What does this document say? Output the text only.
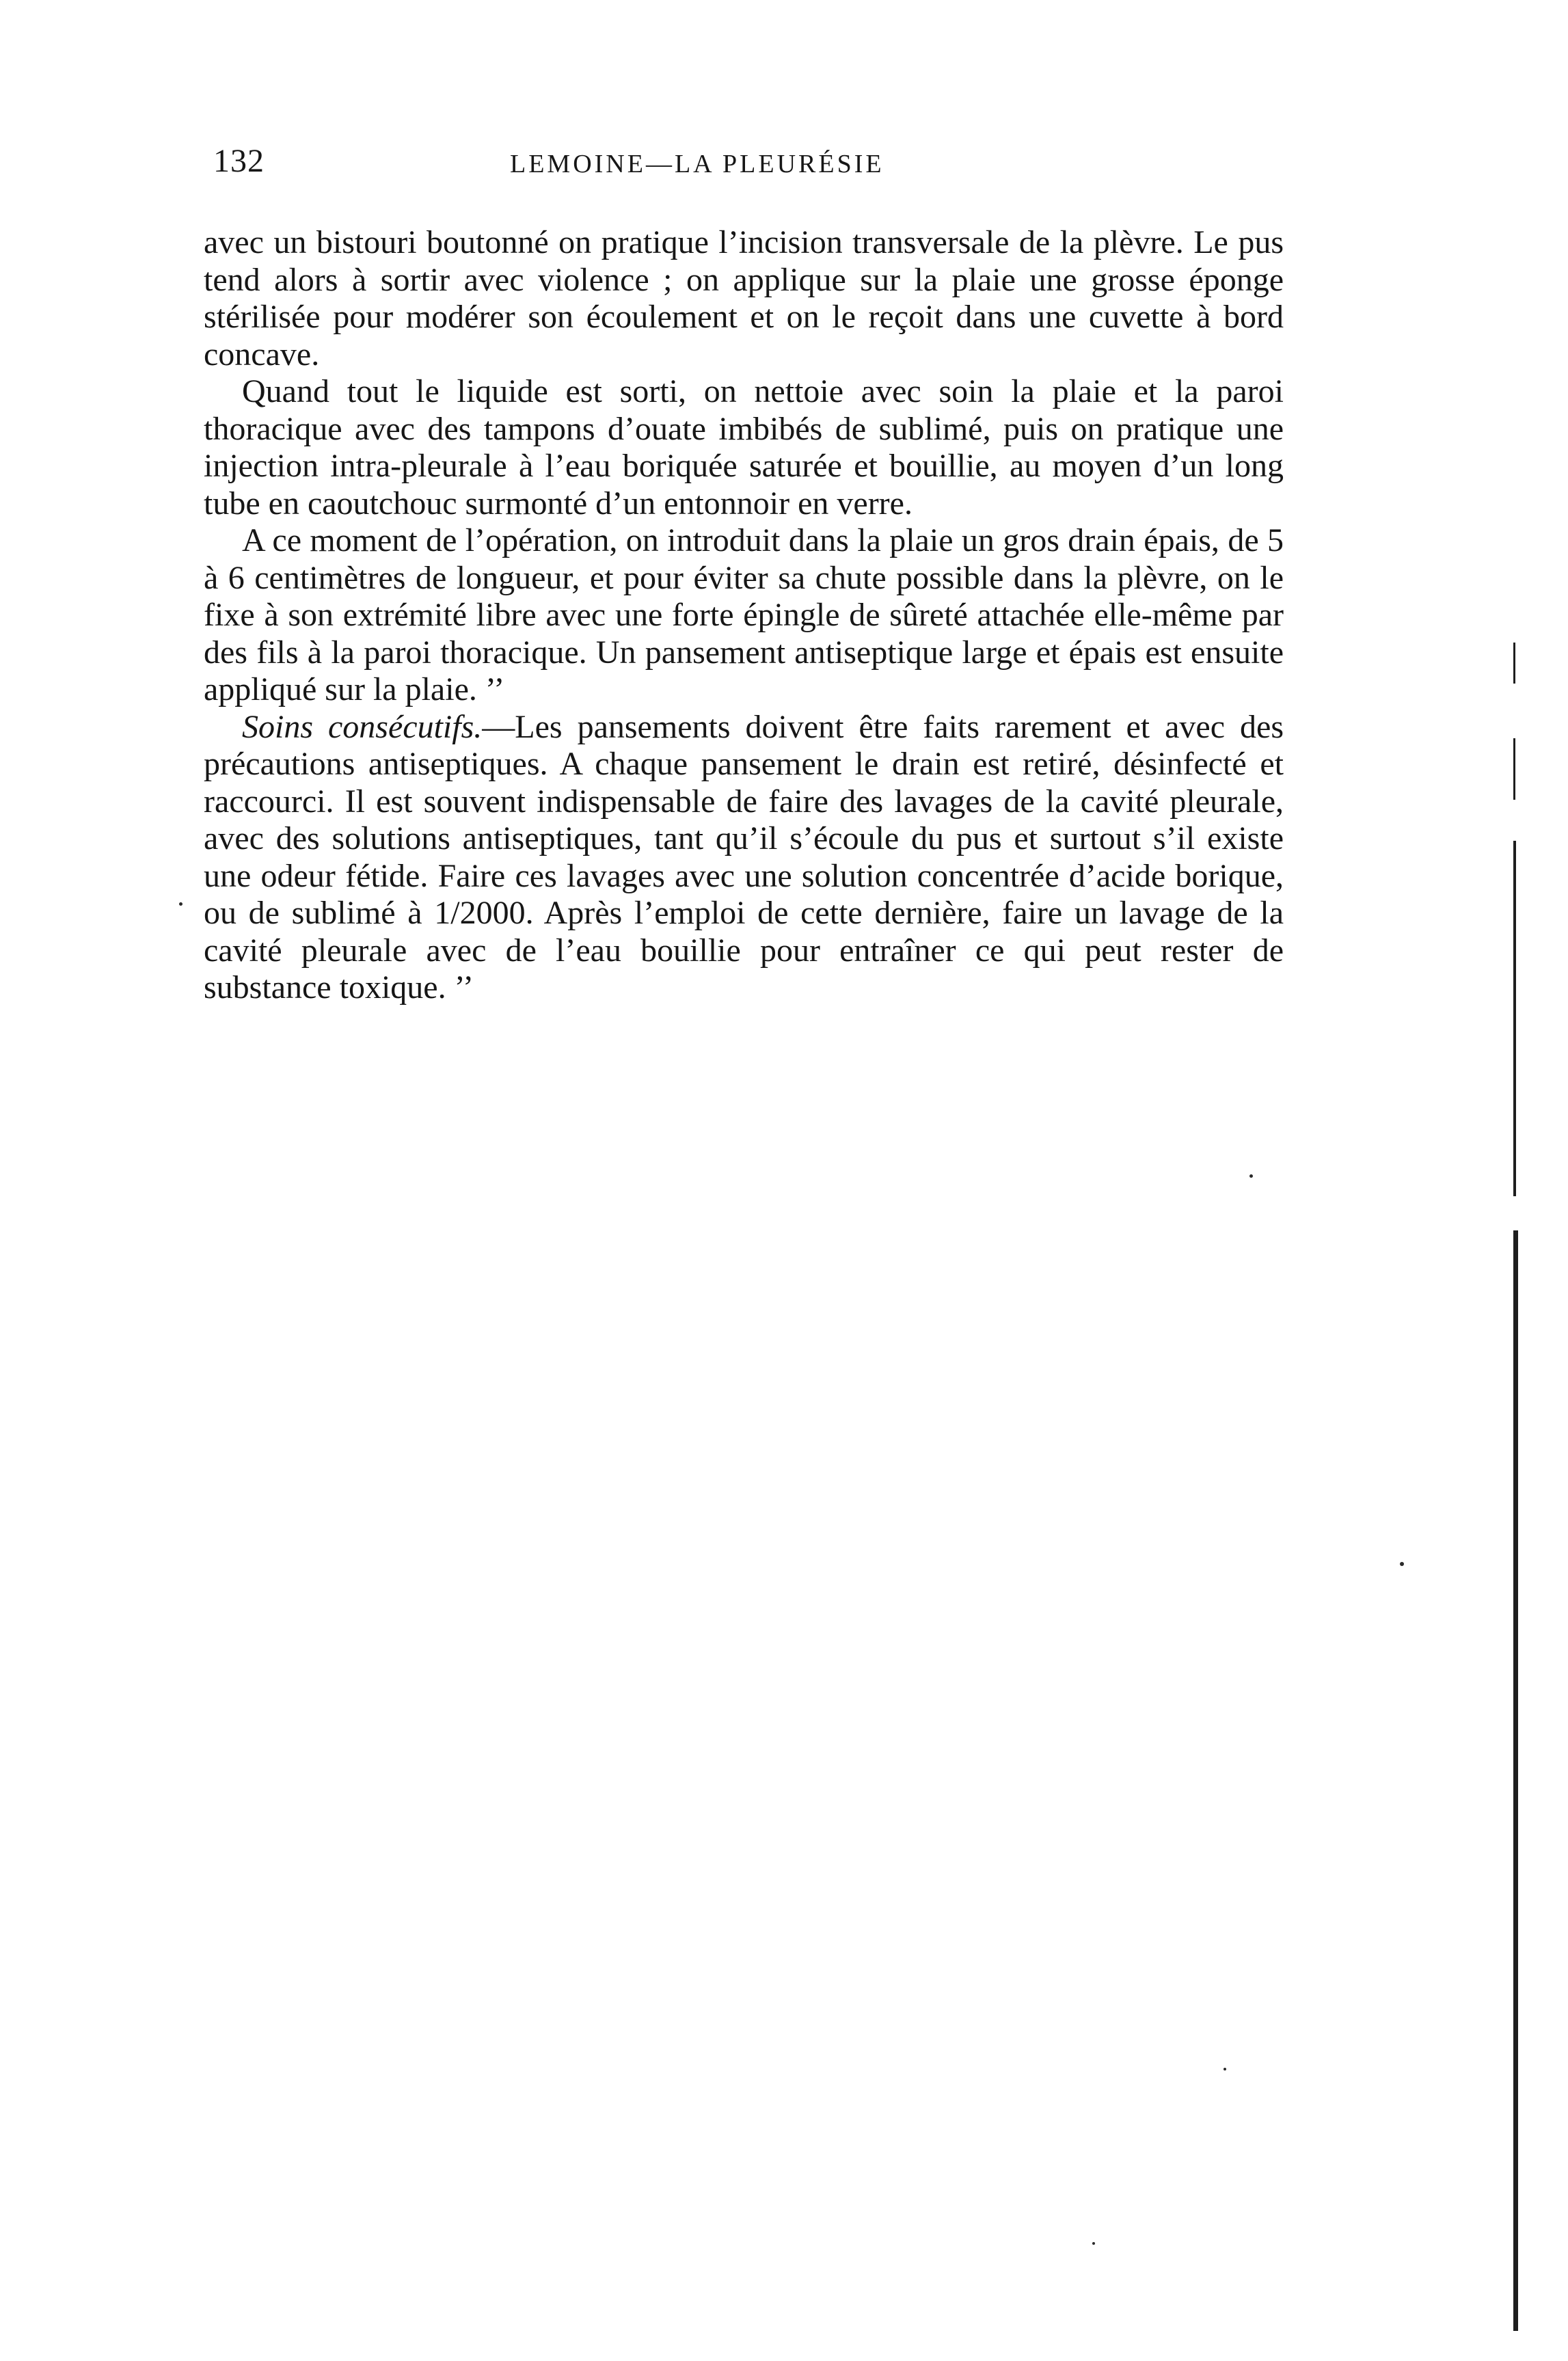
132	LEMOINE—LA PLEURÉSIE

avec un bistouri boutonné on pratique l’incision transversale de la plèvre. Le pus tend alors à sortir avec violence ; on applique sur la plaie une grosse éponge stérilisée pour modérer son écoulement et on le reçoit dans une cuvette à bord concave.

Quand tout le liquide est sorti, on nettoie avec soin la plaie et la paroi thoracique avec des tampons d’ouate imbibés de sublimé, puis on pratique une injection intra-pleurale à l’eau boriquée saturée et bouillie, au moyen d’un long tube en caoutchouc surmonté d’un entonnoir en verre.

A ce moment de l’opération, on introduit dans la plaie un gros drain épais, de 5 à 6 centimètres de longueur, et pour éviter sa chute possible dans la plèvre, on le fixe à son extrémité libre avec une forte épingle de sûreté attachée elle-même par des fils à la paroi thoracique. Un pansement antiseptique large et épais est ensuite appliqué sur la plaie. ’’

Soins consécutifs.—Les pansements doivent être faits rarement et avec des précautions antiseptiques. A chaque pansement le drain est retiré, désinfecté et raccourci. Il est souvent indispensable de faire des lavages de la cavité pleurale, avec des solutions antiseptiques, tant qu’il s’écoule du pus et surtout s’il existe une odeur fétide. Faire ces lavages avec une solution concentrée d’acide borique, ou de sublimé à 1/2000. Après l’emploi de cette dernière, faire un lavage de la cavité pleurale avec de l’eau bouillie pour entraîner ce qui peut rester de substance toxique. ’’
